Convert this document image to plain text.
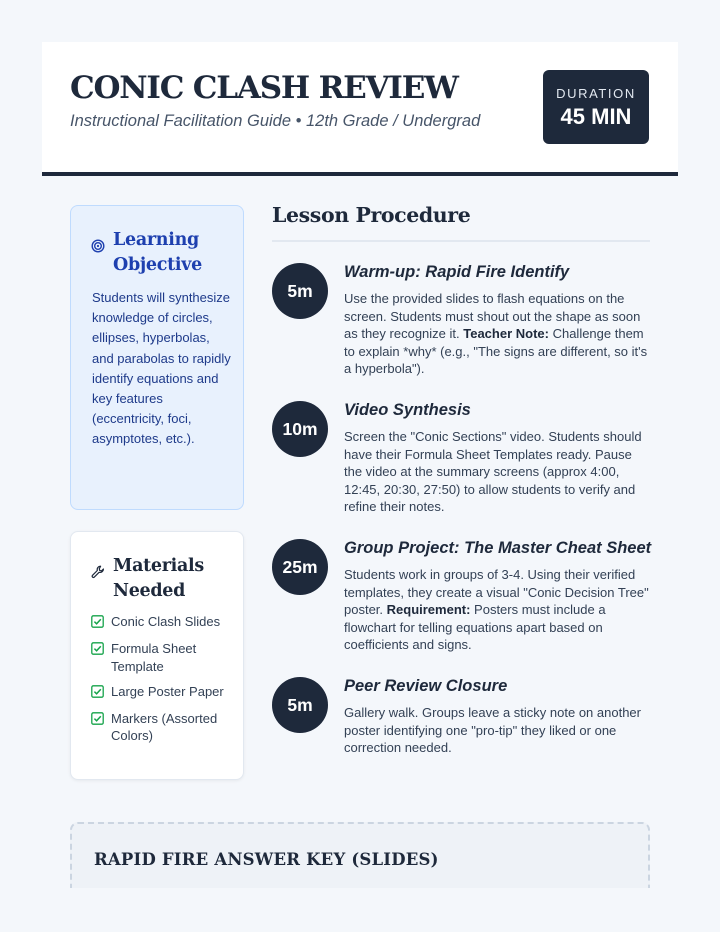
CONIC CLASH REVIEW
Instructional Facilitation Guide • 12th Grade / Undergrad
DURATION
45 MIN
Learning
Objective
Students will synthesize knowledge of circles, ellipses, hyperbolas, and parabolas to rapidly identify equations and key features (eccentricity, foci, asymptotes, etc.).
Materials
Needed
Conic Clash Slides
Formula Sheet Template
Large Poster Paper
Markers (Assorted Colors)
Lesson Procedure
5m
Warm-up: Rapid Fire Identify
Use the provided slides to flash equations on the screen. Students must shout out the shape as soon as they recognize it. Teacher Note: Challenge them to explain *why* (e.g., "The signs are different, so it's a hyperbola").
10m
Video Synthesis
Screen the "Conic Sections" video. Students should have their Formula Sheet Templates ready. Pause the video at the summary screens (approx 4:00, 12:45, 20:30, 27:50) to allow students to verify and refine their notes.
25m
Group Project: The Master Cheat Sheet
Students work in groups of 3-4. Using their verified templates, they create a visual "Conic Decision Tree" poster. Requirement: Posters must include a flowchart for telling equations apart based on coefficients and signs.
5m
Peer Review Closure
Gallery walk. Groups leave a sticky note on another poster identifying one "pro-tip" they liked or one correction needed.
RAPID FIRE ANSWER KEY (SLIDES)
